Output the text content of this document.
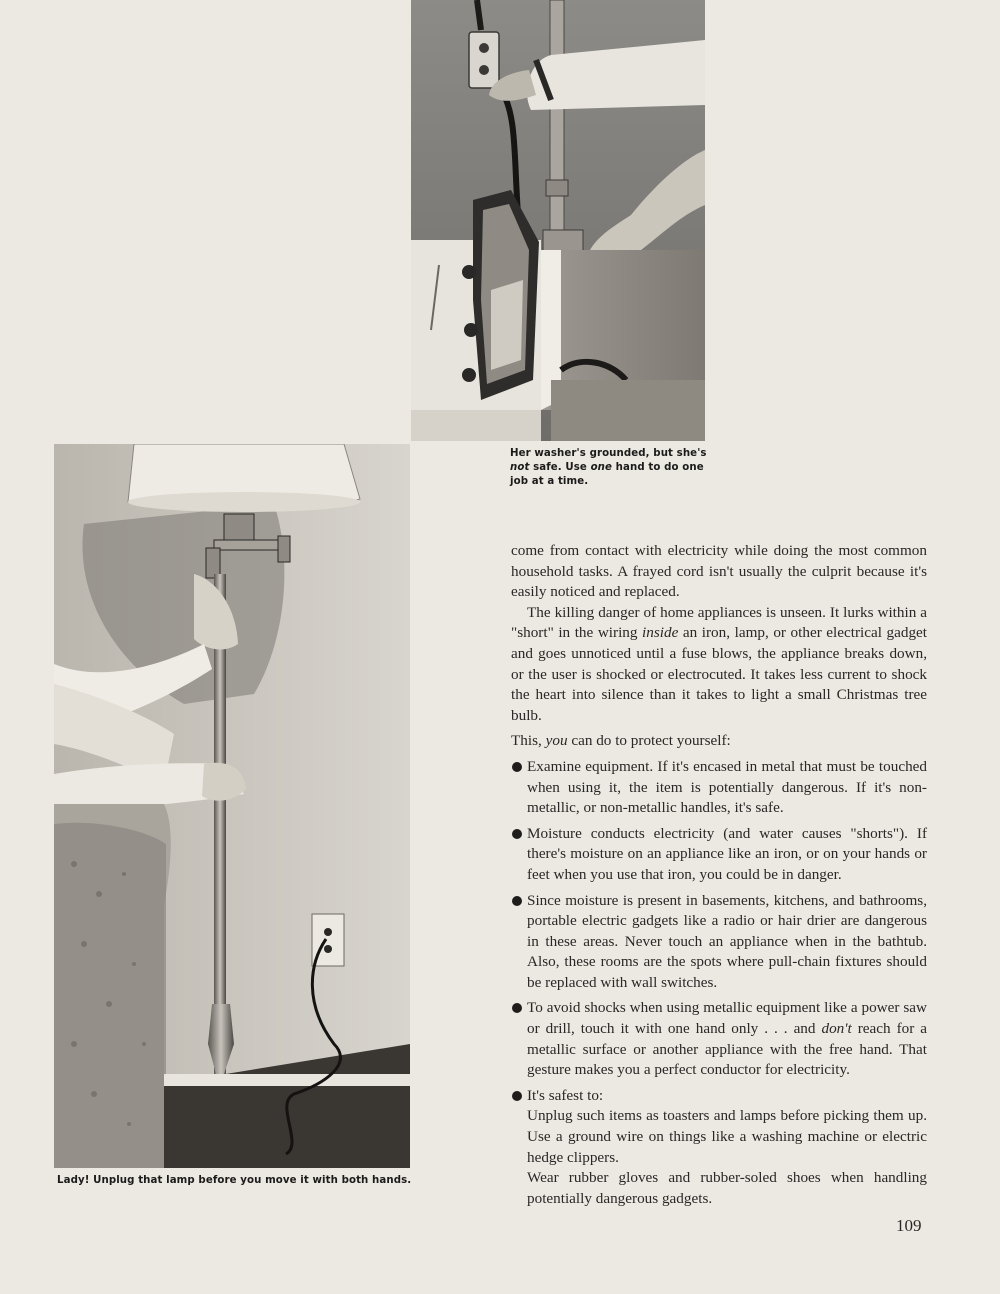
Her washer's grounded, but she's not safe. Use one hand to do one job at a time.
Lady! Unplug that lamp before you move it with both hands.

come from contact with electricity while doing the most common household tasks. A frayed cord isn't usually the culprit because it's easily noticed and replaced.

The killing danger of home appliances is unseen. It lurks within a "short" in the wiring inside an iron, lamp, or other electrical gadget and goes unnoticed until a fuse blows, the appliance breaks down, or the user is shocked or electrocuted. It takes less current to shock the heart into silence than it takes to light a small Christmas tree bulb.

This, you can do to protect yourself:

Examine equipment. If it's encased in metal that must be touched when using it, the item is potentially dangerous. If it's non-metallic, or non-metallic handles, it's safe.
Moisture conducts electricity (and water causes "shorts"). If there's moisture on an appliance like an iron, or on your hands or feet when you use that iron, you could be in danger.
Since moisture is present in basements, kitchens, and bathrooms, portable electric gadgets like a radio or hair drier are dangerous in these areas. Never touch an appliance when in the bathtub. Also, these rooms are the spots where pull-chain fixtures should be replaced with wall switches.
To avoid shocks when using metallic equipment like a power saw or drill, touch it with one hand only . . . and don't reach for a metallic surface or another appliance with the free hand. That gesture makes you a perfect conductor for electricity.
It's safest to:

Unplug such items as toasters and lamps before picking them up. Use a ground wire on things like a washing machine or electric hedge clippers.

Wear rubber gloves and rubber-soled shoes when handling potentially dangerous gadgets.

109
